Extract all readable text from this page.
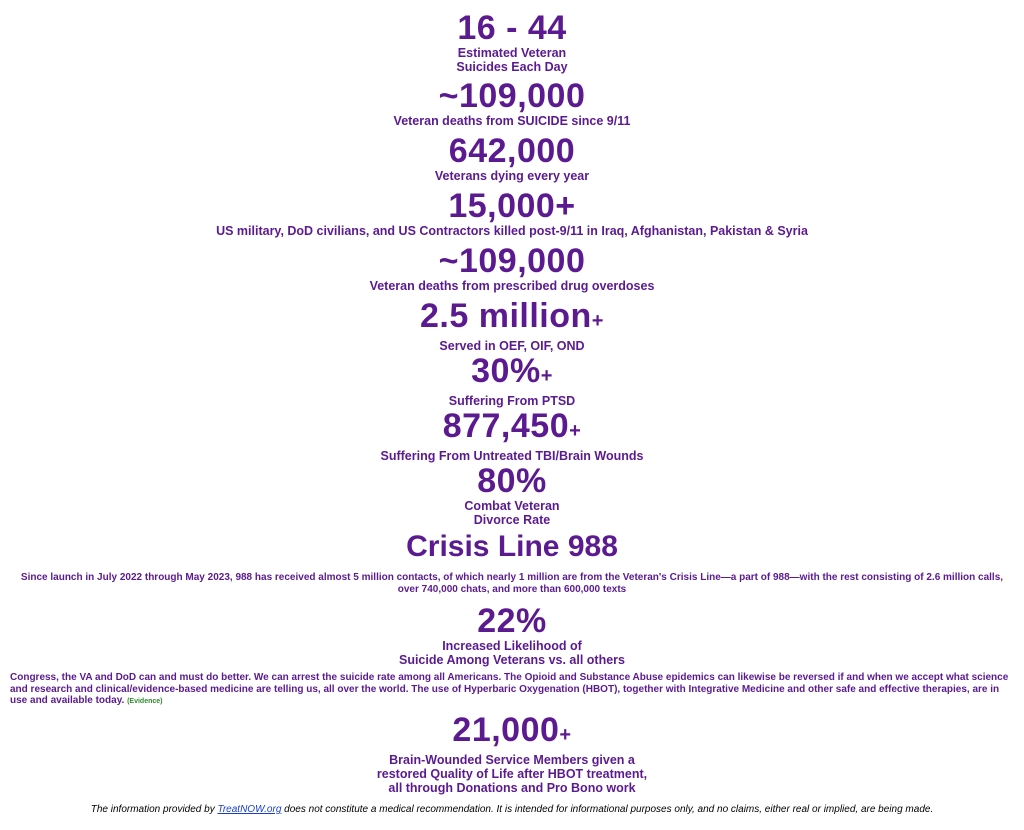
16 - 44
Estimated Veteran
Suicides Each Day
~109,000
Veteran deaths from SUICIDE since 9/11
642,000
Veterans dying every year
15,000+
US military, DoD civilians, and US Contractors killed post-9/11 in Iraq, Afghanistan, Pakistan & Syria
~109,000
Veteran deaths from prescribed drug overdoses
2.5 million+
Served in OEF, OIF, OND
30%+
Suffering From PTSD
877,450+
Suffering From Untreated TBI/Brain Wounds
80%
Combat Veteran
Divorce Rate
Crisis Line 988
Since launch in July 2022 through May 2023, 988 has received almost 5 million contacts, of which nearly 1 million are from the Veteran's Crisis Line—a part of 988—with the rest consisting of 2.6 million calls, over 740,000 chats, and more than 600,000 texts
22%
Increased Likelihood of
Suicide Among Veterans vs. all others
Congress, the VA and DoD can and must do better. We can arrest the suicide rate among all Americans. The Opioid and Substance Abuse epidemics can likewise be reversed if and when we accept what science and research and clinical/evidence-based medicine are telling us, all over the world. The use of Hyperbaric Oxygenation (HBOT), together with Integrative Medicine and other safe and effective therapies, are in use and available today. (Evidence)
21,000+
Brain-Wounded Service Members given a
restored Quality of Life after HBOT treatment,
all through Donations and Pro Bono work
The information provided by TreatNOW.org does not constitute a medical recommendation. It is intended for informational purposes only, and no claims, either real or implied, are being made.
